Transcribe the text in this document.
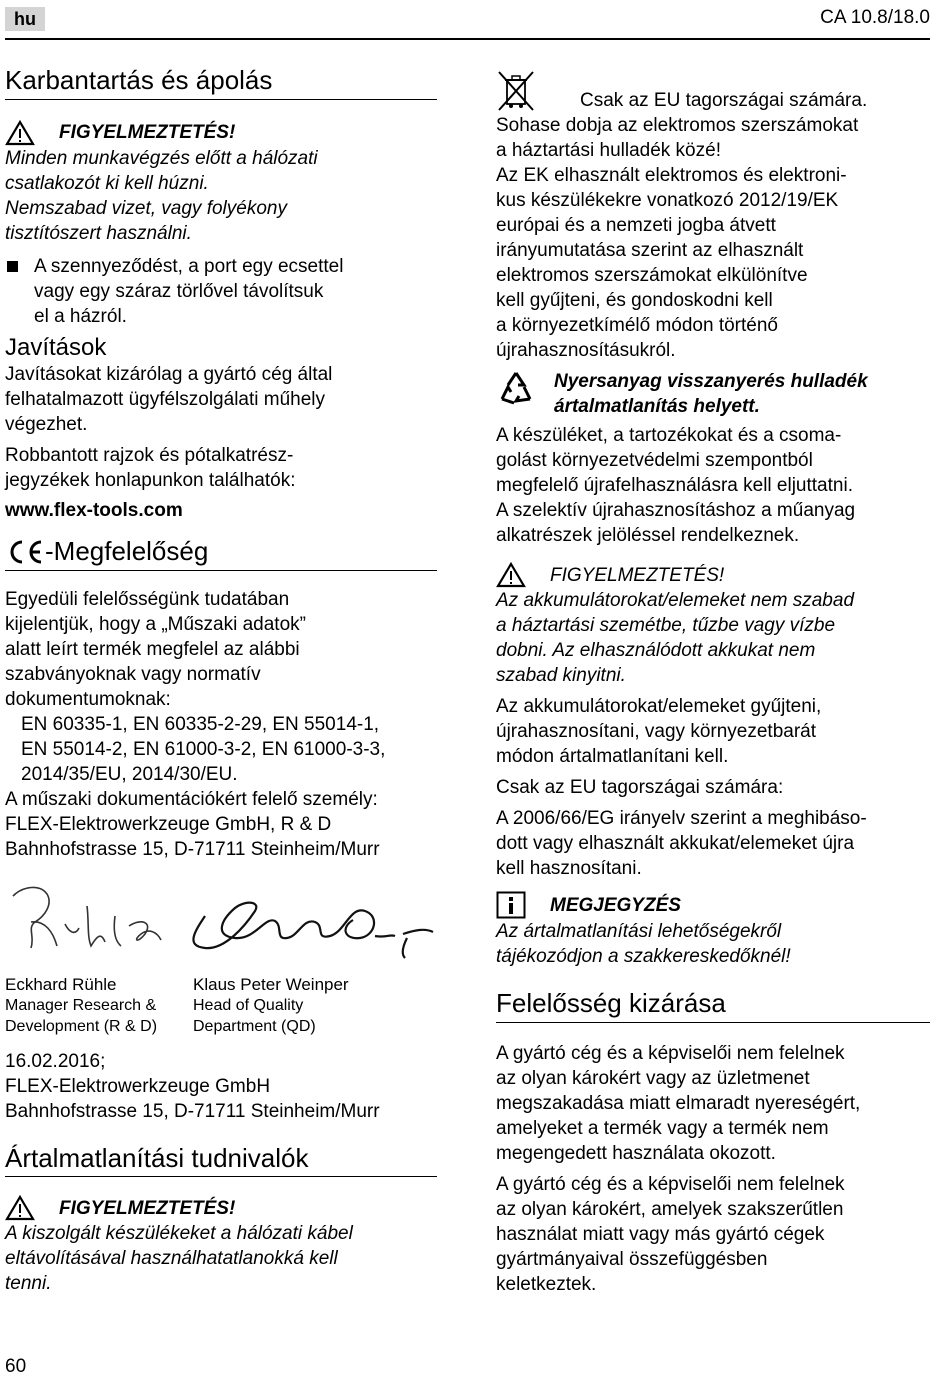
hu	CA 10.8/18.0
Karbantartás és ápolás
FIGYELMEZTETÉS!

Minden munkavégzés előtt a hálózati

csatlakozót ki kell húzni.

Nemszabad vizet, vagy folyékony

tisztítószert használni.

A szennyeződést, a port egy ecsettel

vagy egy száraz törlővel távolítsuk

el a házról.

Javítások

Javításokat kizárólag a gyártó cég által

felhatalmazott ügyfélszolgálati műhely

végezhet.

Robbantott rajzok és pótalkatrész-

jegyzékek honlapunkon találhatók:

www.flex-tools.com

-Megfelelőség

Egyedüli felelősségünk tudatában

kijelentjük, hogy a „Műszaki adatok”

alatt leírt termék megfelel az alábbi

szabványoknak vagy normatív

dokumentumoknak:

EN 60335-1, EN 60335-2-29, EN 55014-1,

EN 55014-2, EN 61000-3-2, EN 61000-3-3,

2014/35/EU, 2014/30/EU.

A műszaki dokumentációkért felelő személy:

FLEX-Elektrowerkzeuge GmbH, R & D

Bahnhofstrasse 15, D-71711 Steinheim/Murr

Eckhard Rühle
Manager Research &
Development (R & D)
Klaus Peter Weinper
Head of Quality
Department (QD)

16.02.2016;

FLEX-Elektrowerkzeuge GmbH

Bahnhofstrasse 15, D-71711 Steinheim/Murr

Ártalmatlanítási tudnivalók
FIGYELMEZTETÉS!

A kiszolgált készülékeket a hálózati kábel

eltávolításával használhatatlanokká kell

tenni.

Csak az EU tagországai számára.

Sohase dobja az elektromos szerszámokat

a háztartási hulladék közé!

Az EK elhasznált elektromos és elektroni-

kus készülékekre vonatkozó 2012/19/EK

európai és a nemzeti jogba átvett

irányumutatása szerint az elhasznált

elektromos szerszámokat elkülönítve

kell gyűjteni, és gondoskodni kell

a környezetkímélő módon történő

újrahasznosításukról.

Nyersanyag visszanyerés hulladék
ártalmatlanítás helyett.

A készüléket, a tartozékokat és a csoma-

golást környezetvédelmi szempontból

megfelelő újrafelhasználásra kell eljuttatni.

A szelektív újrahasznosításhoz a műanyag

alkatrészek jelöléssel rendelkeznek.

FIGYELMEZTETÉS!

Az akkumulátorokat/elemeket nem szabad

a háztartási szemétbe, tűzbe vagy vízbe

dobni. Az elhasználódott akkukat nem

szabad kinyitni.

Az akkumulátorokat/elemeket gyűjteni,

újrahasznosítani, vagy környezetbarát

módon ártalmatlanítani kell.

Csak az EU tagországai számára:

A 2006/66/EG irányelv szerint a meghibáso-

dott vagy elhasznált akkukat/elemeket újra

kell hasznosítani.

MEGJEGYZÉS

Az ártalmatlanítási lehetőségekről

tájékozódjon a szakkereskedőknél!

Felelősség kizárása

A gyártó cég és a képviselői nem felelnek

az olyan károkért vagy az üzletmenet

megszakadása miatt elmaradt nyereségért,

amelyeket a termék vagy a termék nem

megengedett használata okozott.

A gyártó cég és a képviselői nem felelnek

az olyan károkért, amelyek szakszerűtlen

használat miatt vagy más gyártó cégek

gyártmányaival összefüggésben

keletkeztek.

60
